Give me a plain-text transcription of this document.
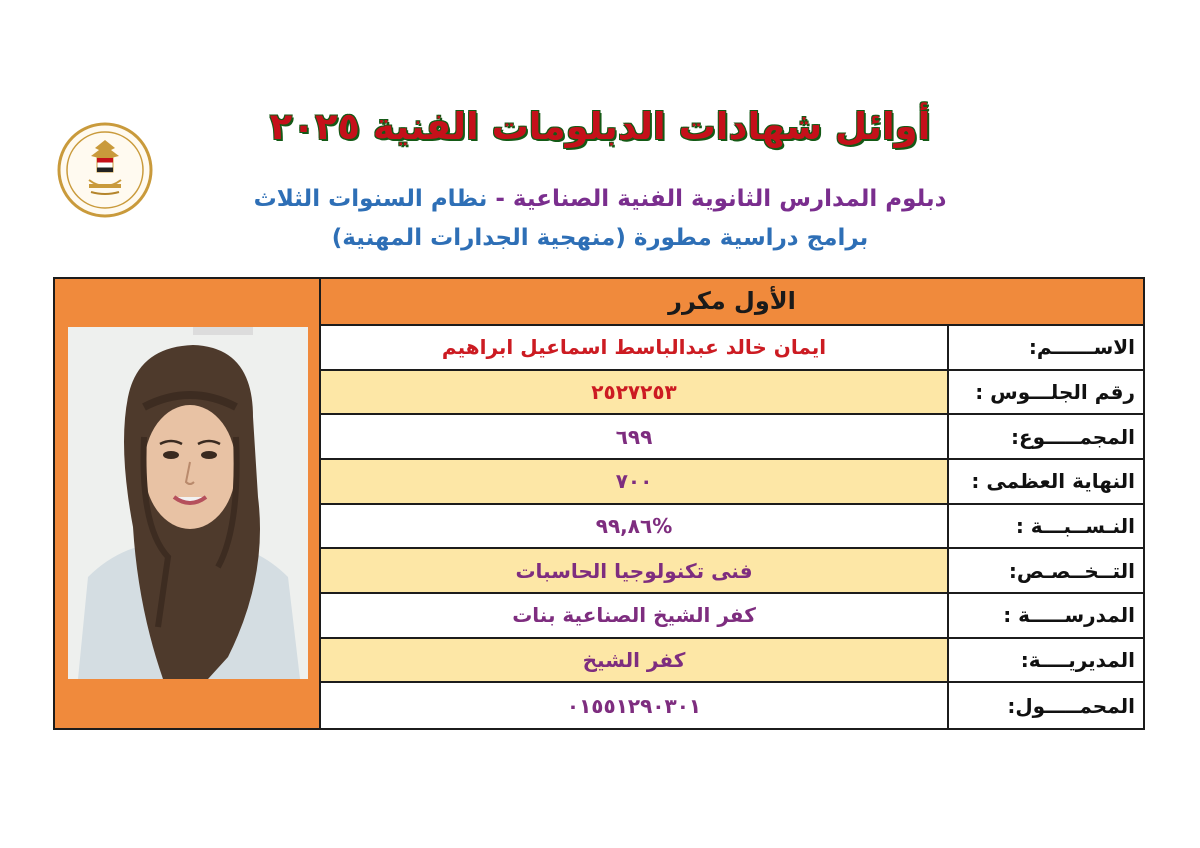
أوائل شهادات الدبلومات الفنية ٢٠٢٥
دبلوم المدارس الثانوية الفنية الصناعية - نظام السنوات الثلاث
برامج دراسية مطورة (منهجية الجدارات المهنية)
الأول مكرر
ايمان خالد عبدالباسط اسماعيل ابراهيم	الاســــــم:
٢٥٢٧٢٥٣	رقم الجلـــوس :
٦٩٩	المجمـــــوع:
٧٠٠	النهاية العظمى :
%٩٩,٨٦	النـســبـــة :
فنى تكنولوجيا الحاسبات	التــخــصـص:
كفر الشيخ الصناعية بنات	المدرســـــة :
كفر الشيخ	المديريــــة:
٠١٥٥١٢٩٠٣٠١	المحمـــــول:
